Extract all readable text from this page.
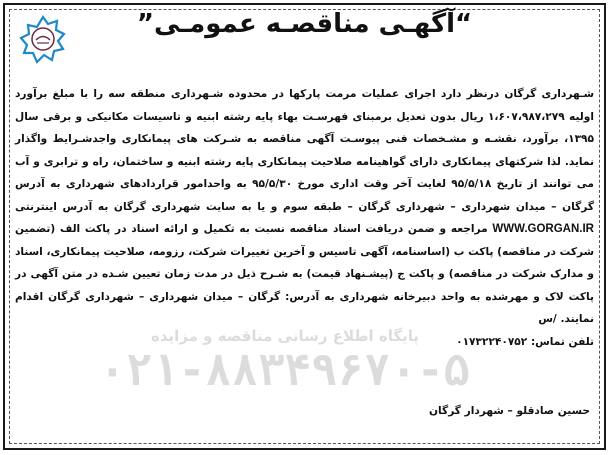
”آگهـی مناقصـه عمومـی“
پایگاه اطلاع رسانی مناقصه و مزایده
۰۲۱-۸۸۳۴۹۶۷۰-۵

شـهرداری گرگان درنظر دارد اجرای عملیات مرمت پارکها در محدوده شـهرداری منطقه سه را با مبلغ برآورد اولیه ۱،۶۰۷،۹۸۷،۲۷۹ ریال بدون تعدیل برمبنای فهرسـت بهاء پایه رشته ابنیه و تاسیسات مکانیکی و برقی سال ۱۳۹۵، برآورد، نقشـه و مشـخصات فنی پیوسـت آگهی مناقصه به شـرکت های پیمانکاری واجدشـرایط واگذار نماید. لذا شرکتهای پیمانکاری دارای گواهینامه صلاحیت پیمانکاری پایه رشته ابنیه و ساختمان، راه و ترابری و آب می توانند از تاریخ ۹۵/۵/۱۸ لغایت آخر وقت اداری مورخ ۹۵/۵/۳۰ به واحدامور قراردادهای شهرداری به آدرس گرگان – میدان شهرداری – شهرداری گرگان – طبقه سوم و یا به سایت شهرداری گرگان به آدرس اینترنتی WWW.GORGAN.IR مراجعه و ضمن دریافت اسناد مناقصه نسبت به تکمیل و ارائه اسناد در پاکت الف (تضمین شرکت در مناقصه) پاکت ب (اساسنامه، آگهی تاسیس و آخرین تغییرات شرکت، رزومه، صلاحیت پیمانکاری، اسناد و مدارک شرکت در مناقصه) و پاکت ج (پیشـنهاد قیمت) به شـرح ذیل در مدت زمان تعیین شـده در متن آگهی در پاکت لاک و مهرشده به واحد دبیرخانه شهرداری به آدرس: گرگان – میدان شهرداری – شهرداری گرگان اقدام نمایند. /س

تلفن تماس: ۰۱۷۳۲۲۴۰۷۵۲

حسین صادقلو – شهردار گرگان
